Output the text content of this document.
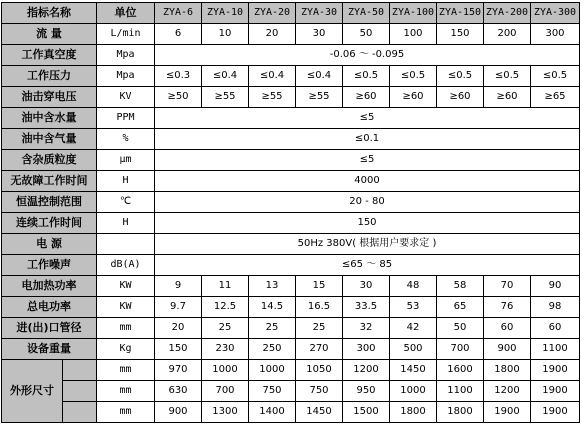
指标名称	单位	ZYA-6	ZYA-10	ZYA-20	ZYA-30	ZYA-50	ZYA-100	ZYA-150	ZYA-200	ZYA-300
流 量	L/min	6	10	20	30	50	100	150	200	300
工作真空度	Mpa	-0.06 ～ -0.095								
工作压力	Mpa	≤0.3	≤0.4	≤0.4	≤0.4	≤0.5	≤0.5	≤0.5	≤0.5	≤0.5
油击穿电压	KV	≥50	≥55	≥55	≥55	≥60	≥60	≥60	≥60	≥65
油中含水量	PPM	≤5								
油中含气量	%	≤0.1								
含杂质粒度	μm	≤5								
无故障工作时间	H	4000								
恒温控制范围	℃	20 - 80								
连续工作时间	H	150								
电 源		50Hz 380V( 根据用户要求定 )								
工作噪声	dB(A)	≤65 ～ 85								
电加热功率	KW	9	11	13	15	30	48	58	70	90
总电功率	KW	9.7	12.5	14.5	16.5	33.5	53	65	76	98
进(出)口管径	mm	20	25	25	25	32	42	50	60	60
设备重量	Kg	150	230	250	270	300	500	700	900	1100

外形尺寸	mm	970	1000	1000	1050	1200	1450	1600	1800	1900
	mm	630	700	750	750	950	1000	1100	1200	1900
	mm	900	1300	1400	1450	1500	1800	1800	1900	1900
